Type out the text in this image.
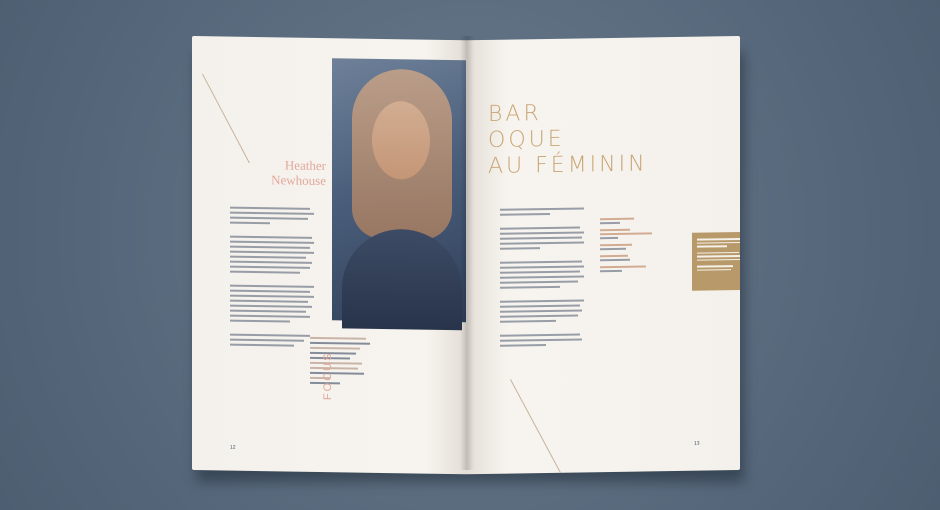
Heather
Newhouse
FOCUS
12
BAR
OQUE
AU FÉMININ
13
